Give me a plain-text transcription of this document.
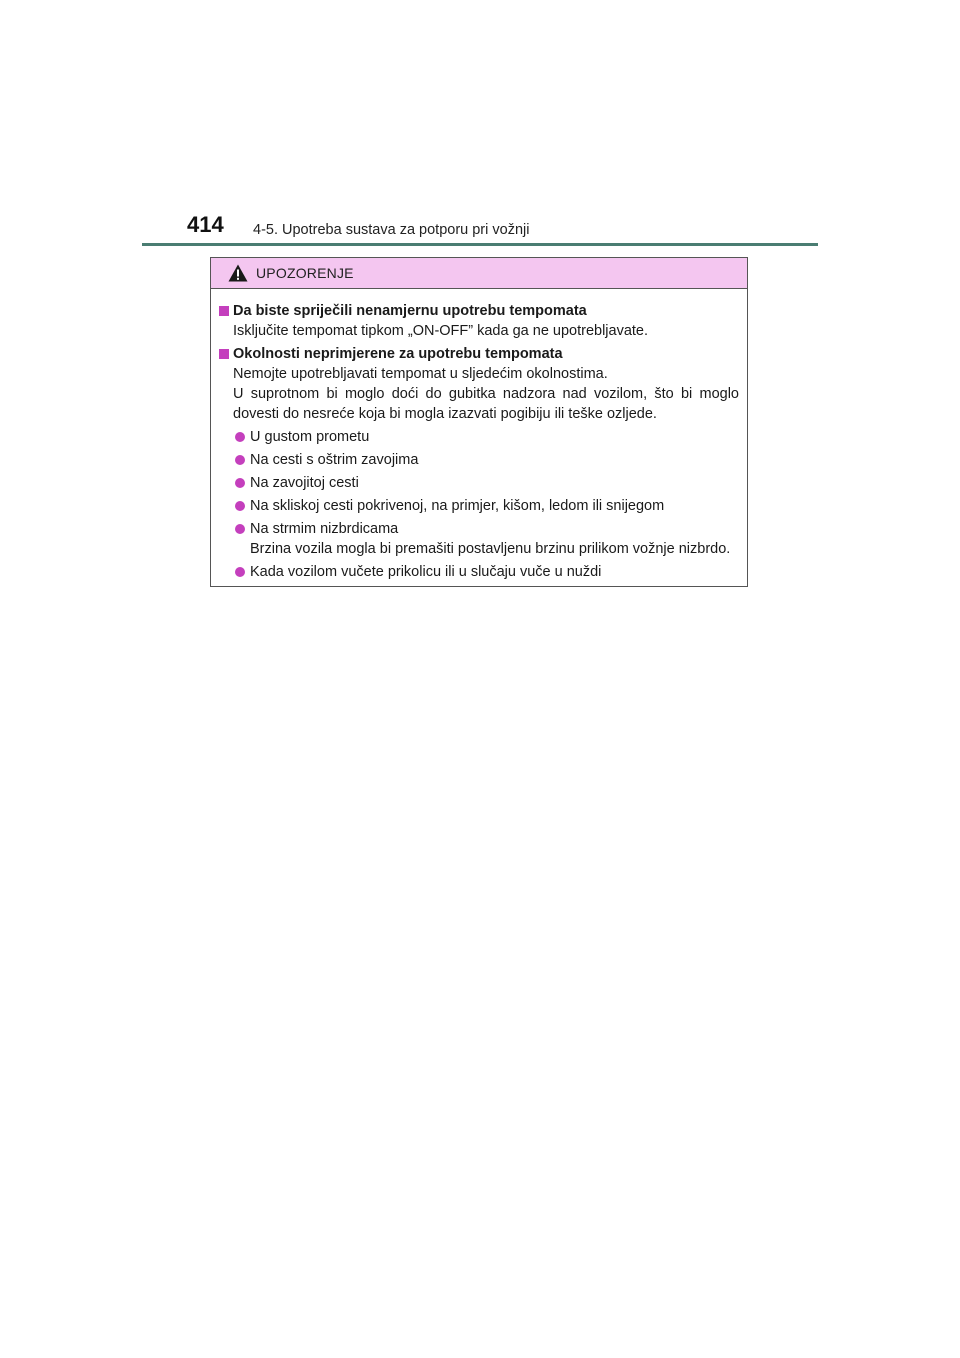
414 4-5. Upotreba sustava za potporu pri vožnji
UPOZORENJE
Da biste spriječili nenamjernu upotrebu tempomata

Isključite tempomat tipkom „ON-OFF” kada ga ne upotrebljavate.

Okolnosti neprimjerene za upotrebu tempomata

Nemojte upotrebljavati tempomat u sljedećim okolnostima.

U suprotnom bi moglo doći do gubitka nadzora nad vozilom, što bi moglo dovesti do nesreće koja bi mogla izazvati pogibiju ili teške ozljede.

U gustom prometu

Na cesti s oštrim zavojima

Na zavojitoj cesti

Na skliskoj cesti pokrivenoj, na primjer, kišom, ledom ili snijegom

Na strmim nizbrdicama

Brzina vozila mogla bi premašiti postavljenu brzinu prilikom vožnje nizbrdo.

Kada vozilom vučete prikolicu ili u slučaju vuče u nuždi
